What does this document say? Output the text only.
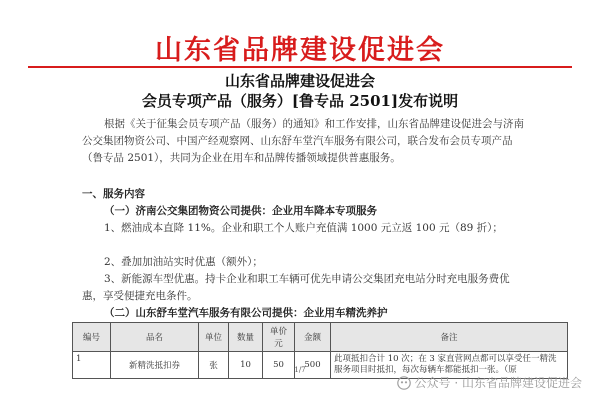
山东省品牌建设促进会
山东省品牌建设促进会
会员专项产品（服务）[鲁专品 2501]发布说明
根据《关于征集会员专项产品（服务）的通知》和工作安排，山东省品牌建设促进会与济南公交集团物资公司、中国产经观察网、山东舒车堂汽车服务有限公司，联合发布会员专项产品（鲁专品 2501），共同为企业在用车和品牌传播领域提供普惠服务。
一、服务内容
（一）济南公交集团物资公司提供：企业用车降本专项服务
1、燃油成本直降 11%。企业和职工个人账户充值满 1000 元立返 100 元（89 折）；
2、叠加加油站实时优惠（额外）；
3、新能源车型优惠。持卡企业和职工车辆可优先申请公交集团充电站分时充电服务费优惠，享受便捷充电条件。
（二）山东舒车堂汽车服务有限公司提供：企业用车精洗养护
编号	品名	单位	数量	单价元	金额	备注
1	新精洗抵扣券	张	10	50	500	此项抵扣合计 10 次；在 3 家直营网点都可以享受任一精洗服务项目时抵扣，每次每辆车都能抵扣一张。（原
1/7
公众号 · 山东省品牌建设促进会
